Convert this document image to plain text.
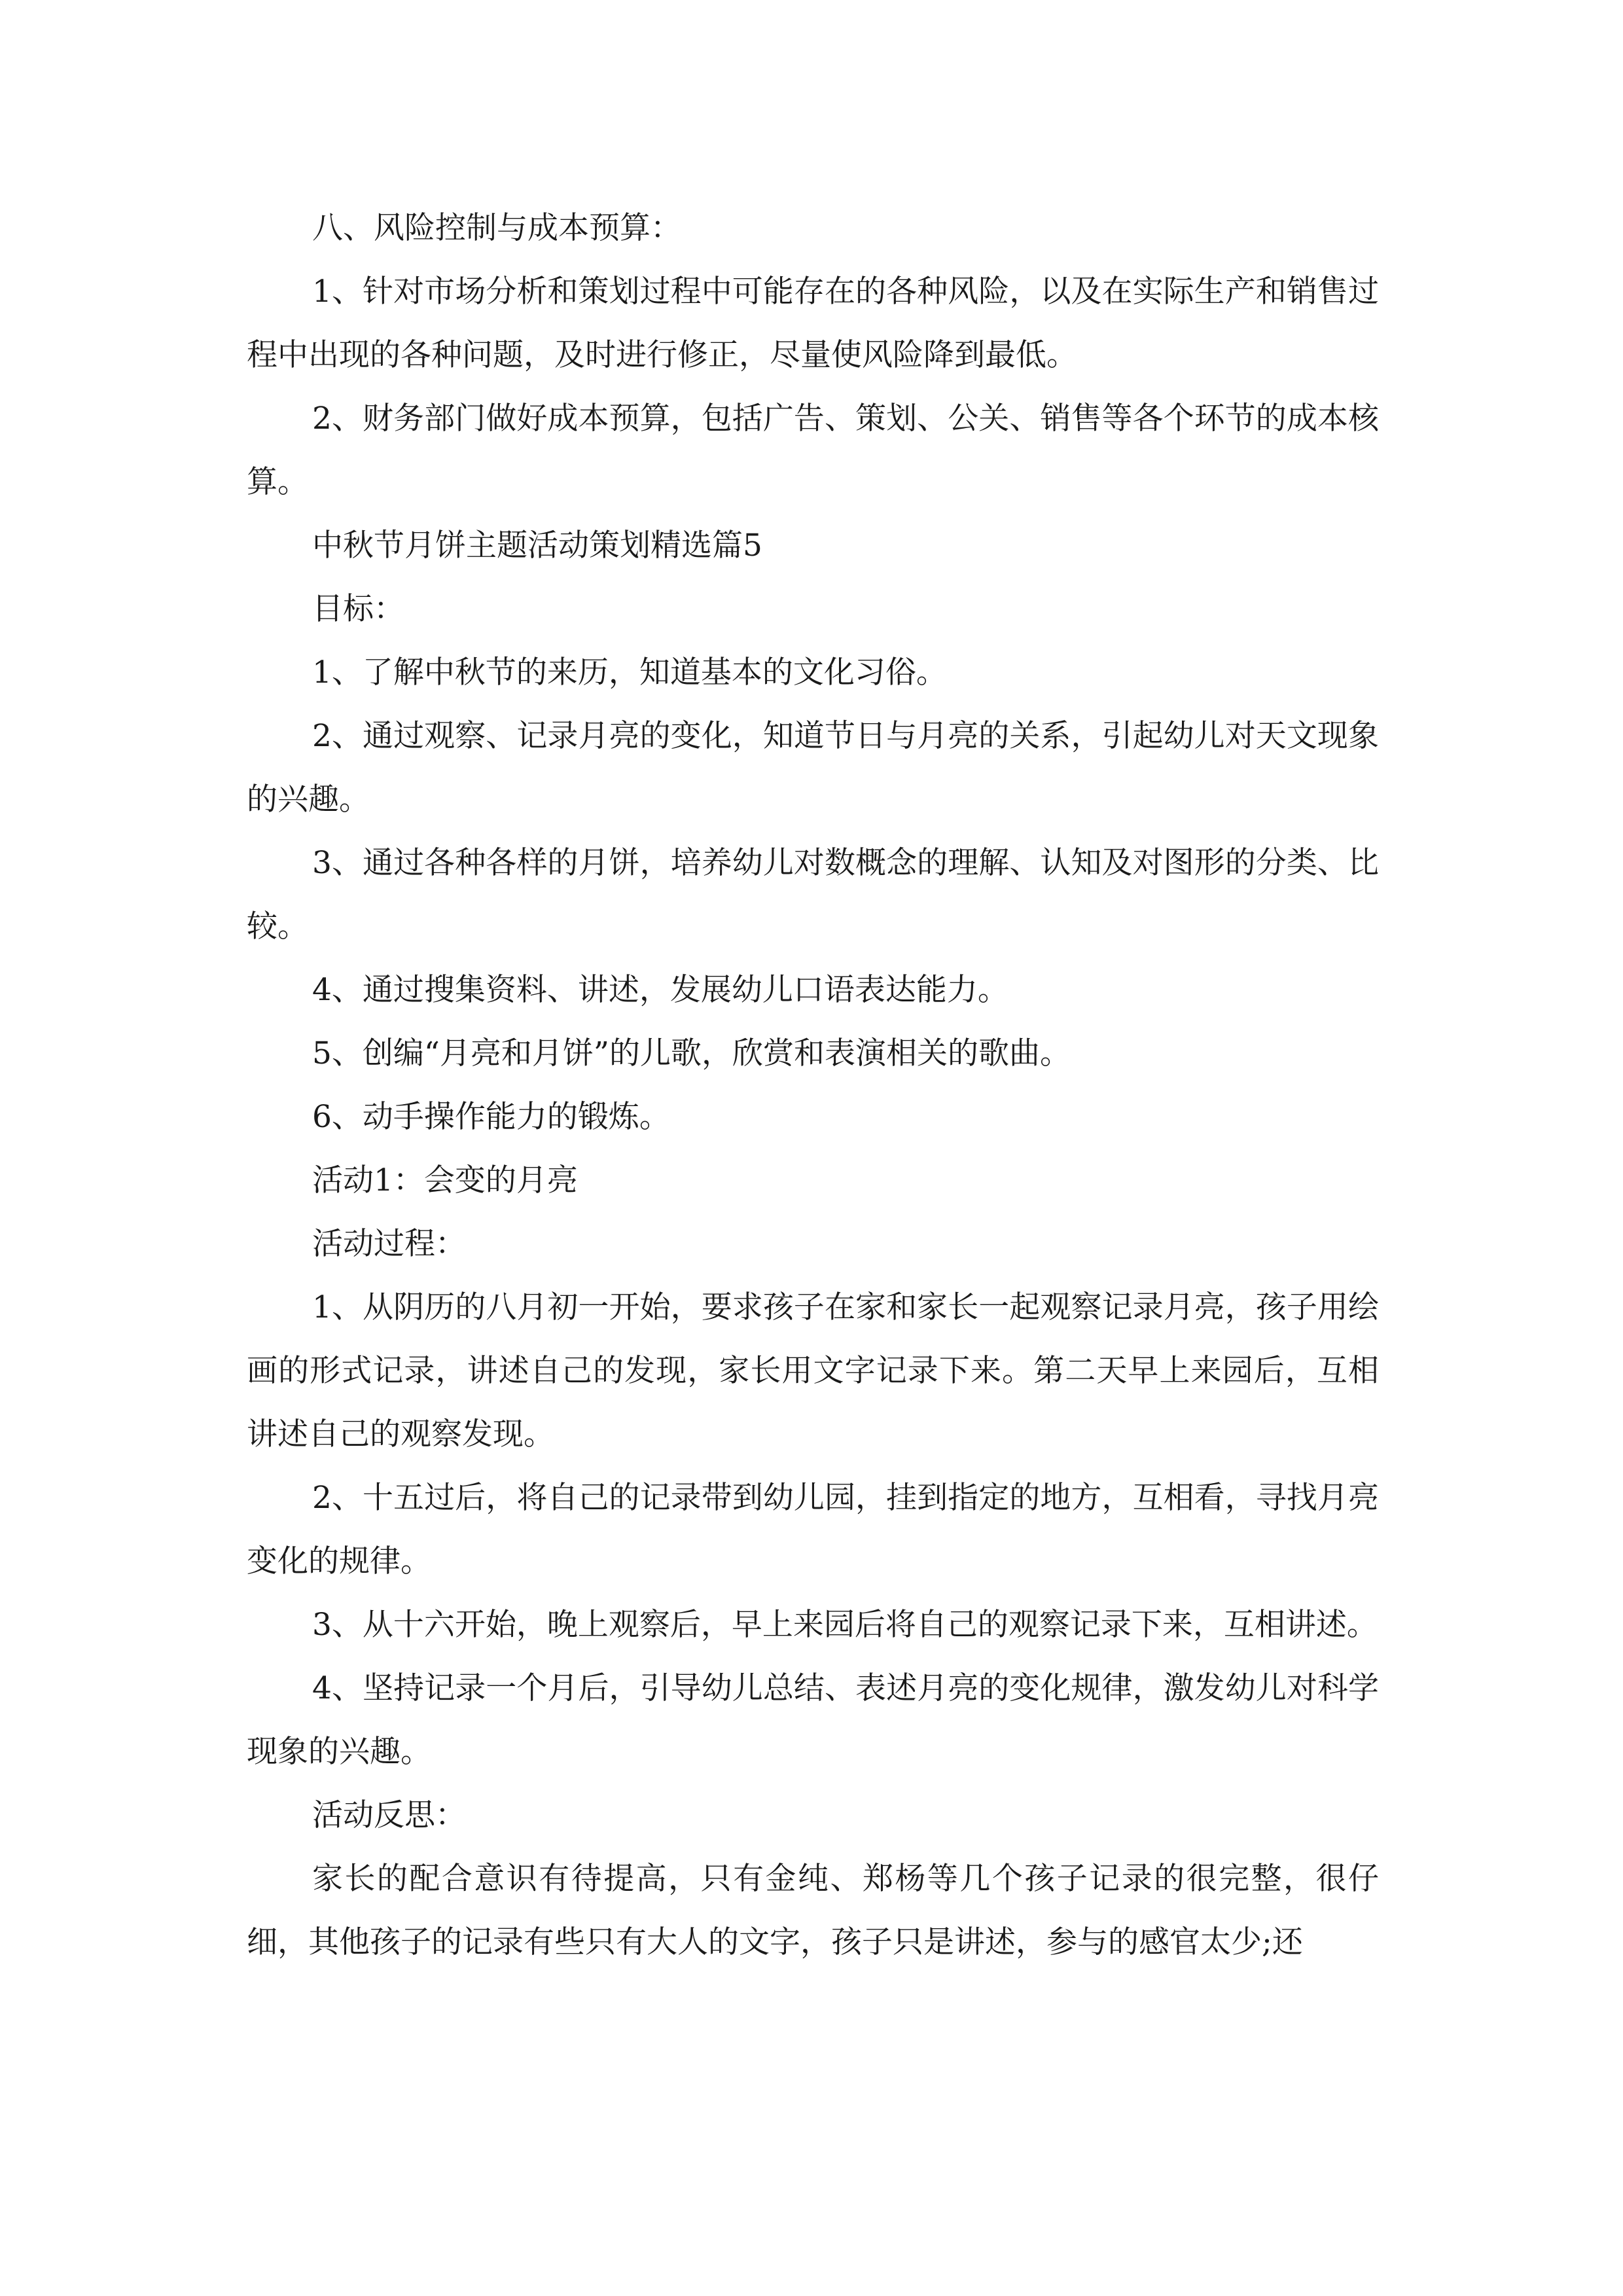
八、风险控制与成本预算：

1、针对市场分析和策划过程中可能存在的各种风险，以及在实际生产和销售过程中出现的各种问题，及时进行修正，尽量使风险降到最低。

2、财务部门做好成本预算，包括广告、策划、公关、销售等各个环节的成本核算。

中秋节月饼主题活动策划精选篇5

目标：

1、了解中秋节的来历，知道基本的文化习俗。

2、通过观察、记录月亮的变化，知道节日与月亮的关系，引起幼儿对天文现象的兴趣。

3、通过各种各样的月饼，培养幼儿对数概念的理解、认知及对图形的分类、比较。

4、通过搜集资料、讲述，发展幼儿口语表达能力。

5、创编“月亮和月饼”的儿歌，欣赏和表演相关的歌曲。

6、动手操作能力的锻炼。

活动1：会变的月亮

活动过程：

1、从阴历的八月初一开始，要求孩子在家和家长一起观察记录月亮，孩子用绘画的形式记录，讲述自己的发现，家长用文字记录下来。第二天早上来园后，互相讲述自己的观察发现。

2、十五过后，将自己的记录带到幼儿园，挂到指定的地方，互相看，寻找月亮变化的规律。

3、从十六开始，晚上观察后，早上来园后将自己的观察记录下来，互相讲述。

4、坚持记录一个月后，引导幼儿总结、表述月亮的变化规律，激发幼儿对科学现象的兴趣。

活动反思：

家长的配合意识有待提高，只有金纯、郑杨等几个孩子记录的很完整，很仔细，其他孩子的记录有些只有大人的文字，孩子只是讲述，参与的感官太少;还
